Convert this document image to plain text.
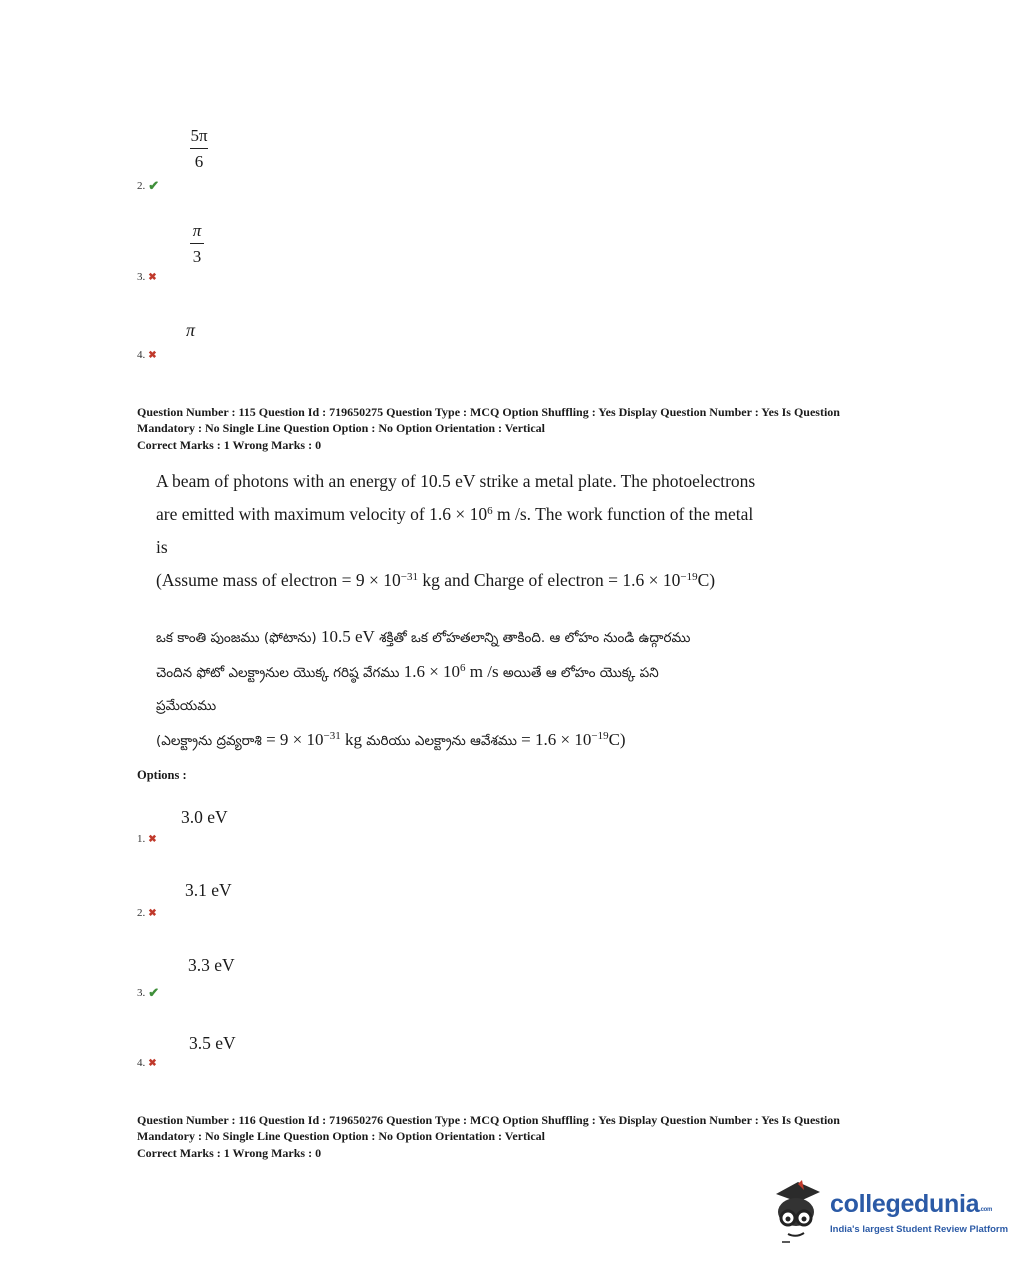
5π
6
2. ✔
π
3
3. ✖
π
4. ✖
Question Number : 115 Question Id : 719650275 Question Type : MCQ Option Shuffling : Yes Display Question Number : Yes Is Question
Mandatory : No Single Line Question Option : No Option Orientation : Vertical
Correct Marks : 1 Wrong Marks : 0
A beam of photons with an energy of 10.5 eV strike a metal plate. The photoelectrons
are emitted with maximum velocity of $1.6 \times 10^6$ m /s. The work function of the metal
is
(Assume mass of electron = $9 \times 10^{-31}$ kg and Charge of electron = $1.6 \times 10^{-19}C$)
ఒక కాంతి పుంజము (ఫోటాను) 10.5 eV శక్తితో ఒక లోహతలాన్ని తాకింది. ఆ లోహం నుండి ఉద్గారము
చెందిన ఫోటో ఎలక్ట్రానుల యొక్క గరిష్ఠ వేగము $1.6 \times 10^6$ m /s అయితే ఆ లోహం యొక్క పని
ప్రమేయము
(ఎలక్ట్రాను ద్రవ్యరాశి = $9 \times 10^{-31}$ kg మరియు ఎలక్ట్రాను ఆవేశము = $1.6 \times 10^{-19}C$)
Options :
3.0 eV
1. ✖
3.1 eV
2. ✖
3.3 eV
3. ✔
3.5 eV
4. ✖
Question Number : 116 Question Id : 719650276 Question Type : MCQ Option Shuffling : Yes Display Question Number : Yes Is Question
Mandatory : No Single Line Question Option : No Option Orientation : Vertical
Correct Marks : 1 Wrong Marks : 0
collegedunia$_{.com}$
India's largest Student Review Platform
